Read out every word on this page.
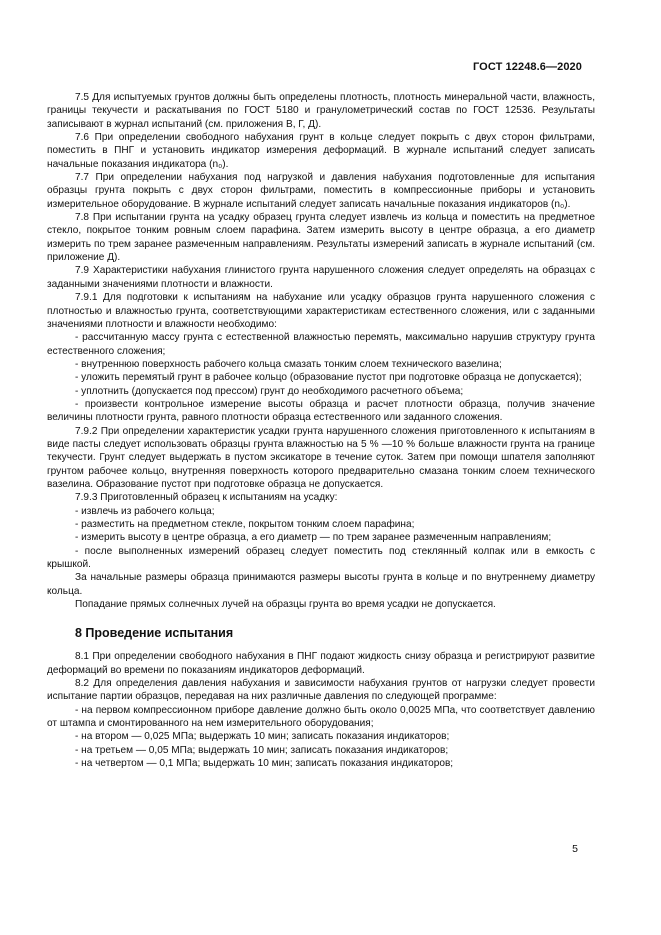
ГОСТ 12248.6—2020

7.5 Для испытуемых грунтов должны быть определены плотность, плотность минеральной части, влажность, границы текучести и раскатывания по ГОСТ 5180 и гранулометрический состав по ГОСТ 12536. Результаты записывают в журнал испытаний (см. приложения В, Г, Д).

7.6 При определении свободного набухания грунт в кольце следует покрыть с двух сторон фильтрами, поместить в ПНГ и установить индикатор измерения деформаций. В журнале испытаний следует записать начальные показания индикатора (n₀).

7.7 При определении набухания под нагрузкой и давления набухания подготовленные для испытания образцы грунта покрыть с двух сторон фильтрами, поместить в компрессионные приборы и установить измерительное оборудование. В журнале испытаний следует записать начальные показания индикаторов (n₀).

7.8 При испытании грунта на усадку образец грунта следует извлечь из кольца и поместить на предметное стекло, покрытое тонким ровным слоем парафина. Затем измерить высоту в центре образца, а его диаметр измерить по трем заранее размеченным направлениям. Результаты измерений записать в журнале испытаний (см. приложение Д).

7.9 Характеристики набухания глинистого грунта нарушенного сложения следует определять на образцах с заданными значениями плотности и влажности.

7.9.1 Для подготовки к испытаниям на набухание или усадку образцов грунта нарушенного сложения с плотностью и влажностью грунта, соответствующими характеристикам естественного сложения, или с заданными значениями плотности и влажности необходимо:

- рассчитанную массу грунта с естественной влажностью перемять, максимально нарушив структуру грунта естественного сложения;

- внутреннюю поверхность рабочего кольца смазать тонким слоем технического вазелина;

- уложить перемятый грунт в рабочее кольцо (образование пустот при подготовке образца не допускается);

- уплотнить (допускается под прессом) грунт до необходимого расчетного объема;

- произвести контрольное измерение высоты образца и расчет плотности образца, получив значение величины плотности грунта, равного плотности образца естественного или заданного сложения.

7.9.2 При определении характеристик усадки грунта нарушенного сложения приготовленного к испытаниям в виде пасты следует использовать образцы грунта влажностью на 5 % —10 % больше влажности грунта на границе текучести. Грунт следует выдержать в пустом эксикаторе в течение суток. Затем при помощи шпателя заполняют грунтом рабочее кольцо, внутренняя поверхность которого предварительно смазана тонким слоем технического вазелина. Образование пустот при подготовке образца не допускается.

7.9.3 Приготовленный образец к испытаниям на усадку:

- извлечь из рабочего кольца;

- разместить на предметном стекле, покрытом тонким слоем парафина;

- измерить высоту в центре образца, а его диаметр — по трем заранее размеченным направлениям;

- после выполненных измерений образец следует поместить под стеклянный колпак или в емкость с крышкой.

За начальные размеры образца принимаются размеры высоты грунта в кольце и по внутреннему диаметру кольца.

Попадание прямых солнечных лучей на образцы грунта во время усадки не допускается.

8 Проведение испытания

8.1 При определении свободного набухания в ПНГ подают жидкость снизу образца и регистрируют развитие деформаций во времени по показаниям индикаторов деформаций.

8.2 Для определения давления набухания и зависимости набухания грунтов от нагрузки следует провести испытание партии образцов, передавая на них различные давления по следующей программе:

- на первом компрессионном приборе давление должно быть около 0,0025 МПа, что соответствует давлению от штампа и смонтированного на нем измерительного оборудования;

- на втором — 0,025 МПа; выдержать 10 мин; записать показания индикаторов;

- на третьем — 0,05 МПа; выдержать 10 мин; записать показания индикаторов;

- на четвертом — 0,1 МПа; выдержать 10 мин; записать показания индикаторов;

5
